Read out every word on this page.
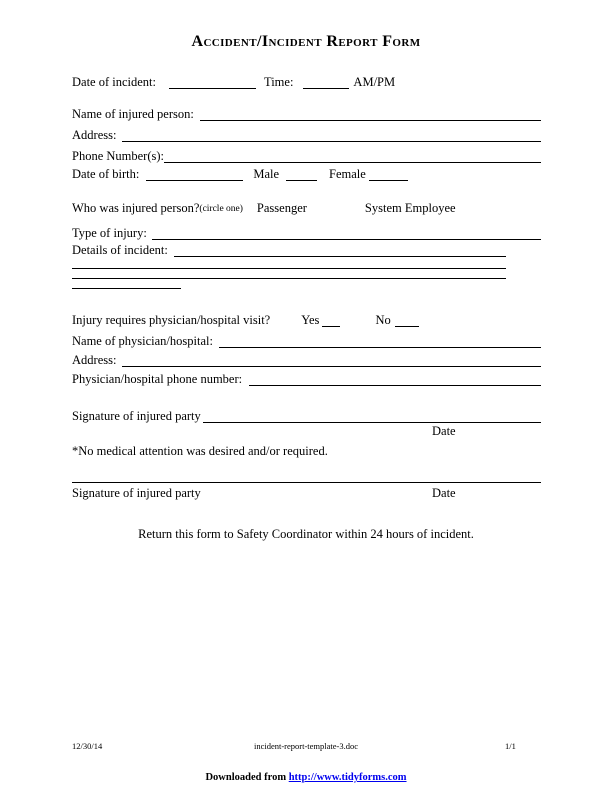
Accident/Incident Report Form
Date of incident:	Time:	AM/PM
Name of injured person:
Address:
Phone Number(s):
Date of birth:	Male	Female
Who was injured person? (circle one) Passenger	System Employee
Type of injury:
Details of incident:
Injury requires physician/hospital visit? Yes	No
Name of physician/hospital:
Address:
Physician/hospital phone number:
Signature of injured party
Date
*No medical attention was desired and/or required.
Signature of injured party	Date
Return this form to Safety Coordinator within 24 hours of incident.
12/30/14	incident-report-template-3.doc	1/1
Downloaded from http://www.tidyforms.com
